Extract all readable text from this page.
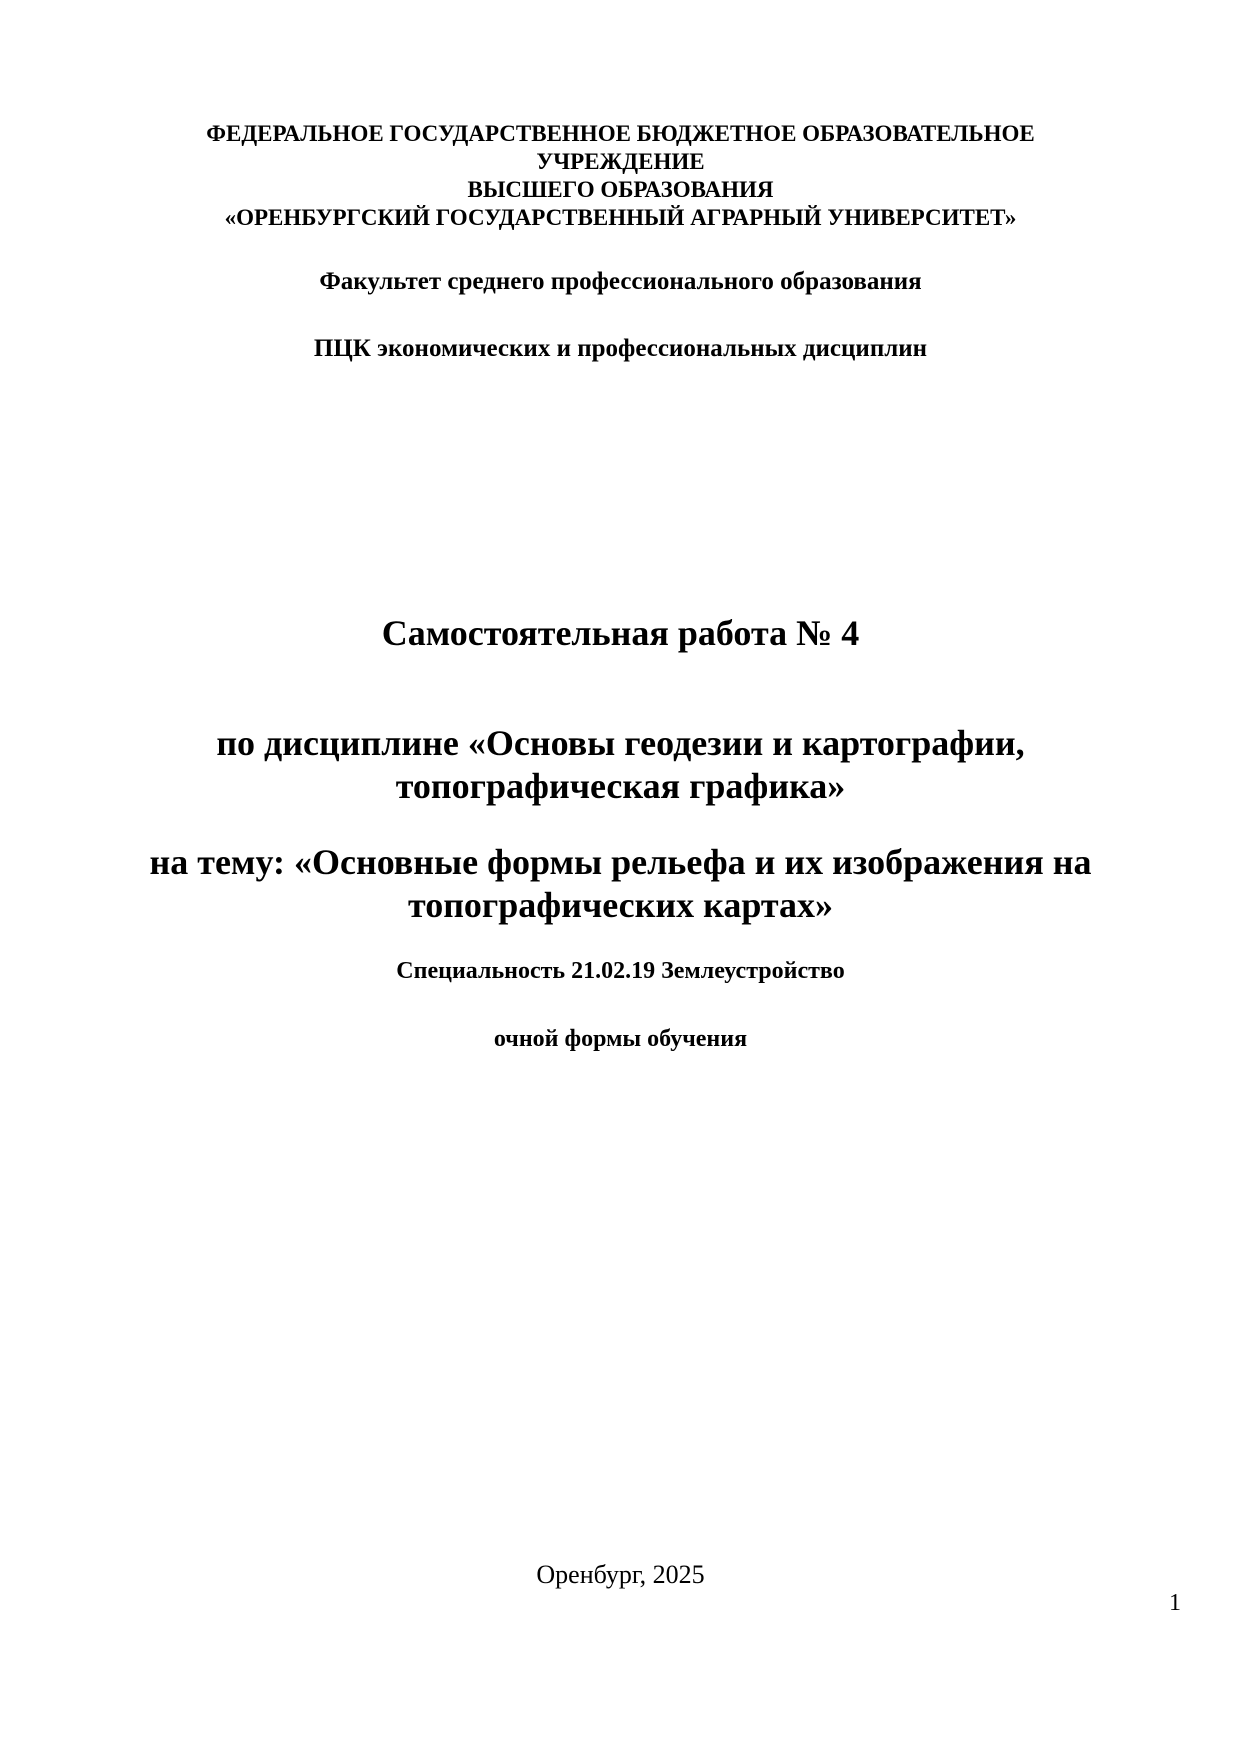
ФЕДЕРАЛЬНОЕ ГОСУДАРСТВЕННОЕ БЮДЖЕТНОЕ ОБРАЗОВАТЕЛЬНОЕ
УЧРЕЖДЕНИЕ
ВЫСШЕГО ОБРАЗОВАНИЯ
«ОРЕНБУРГСКИЙ ГОСУДАРСТВЕННЫЙ АГРАРНЫЙ УНИВЕРСИТЕТ»
Факультет среднего профессионального образования
ПЦК экономических и профессиональных дисциплин
Самостоятельная работа № 4
по дисциплине «Основы геодезии и картографии,
топографическая графика»
на тему: «Основные формы рельефа и их изображения на
топографических картах»
Специальность 21.02.19 Землеустройство
очной формы обучения
Оренбург, 2025
1
